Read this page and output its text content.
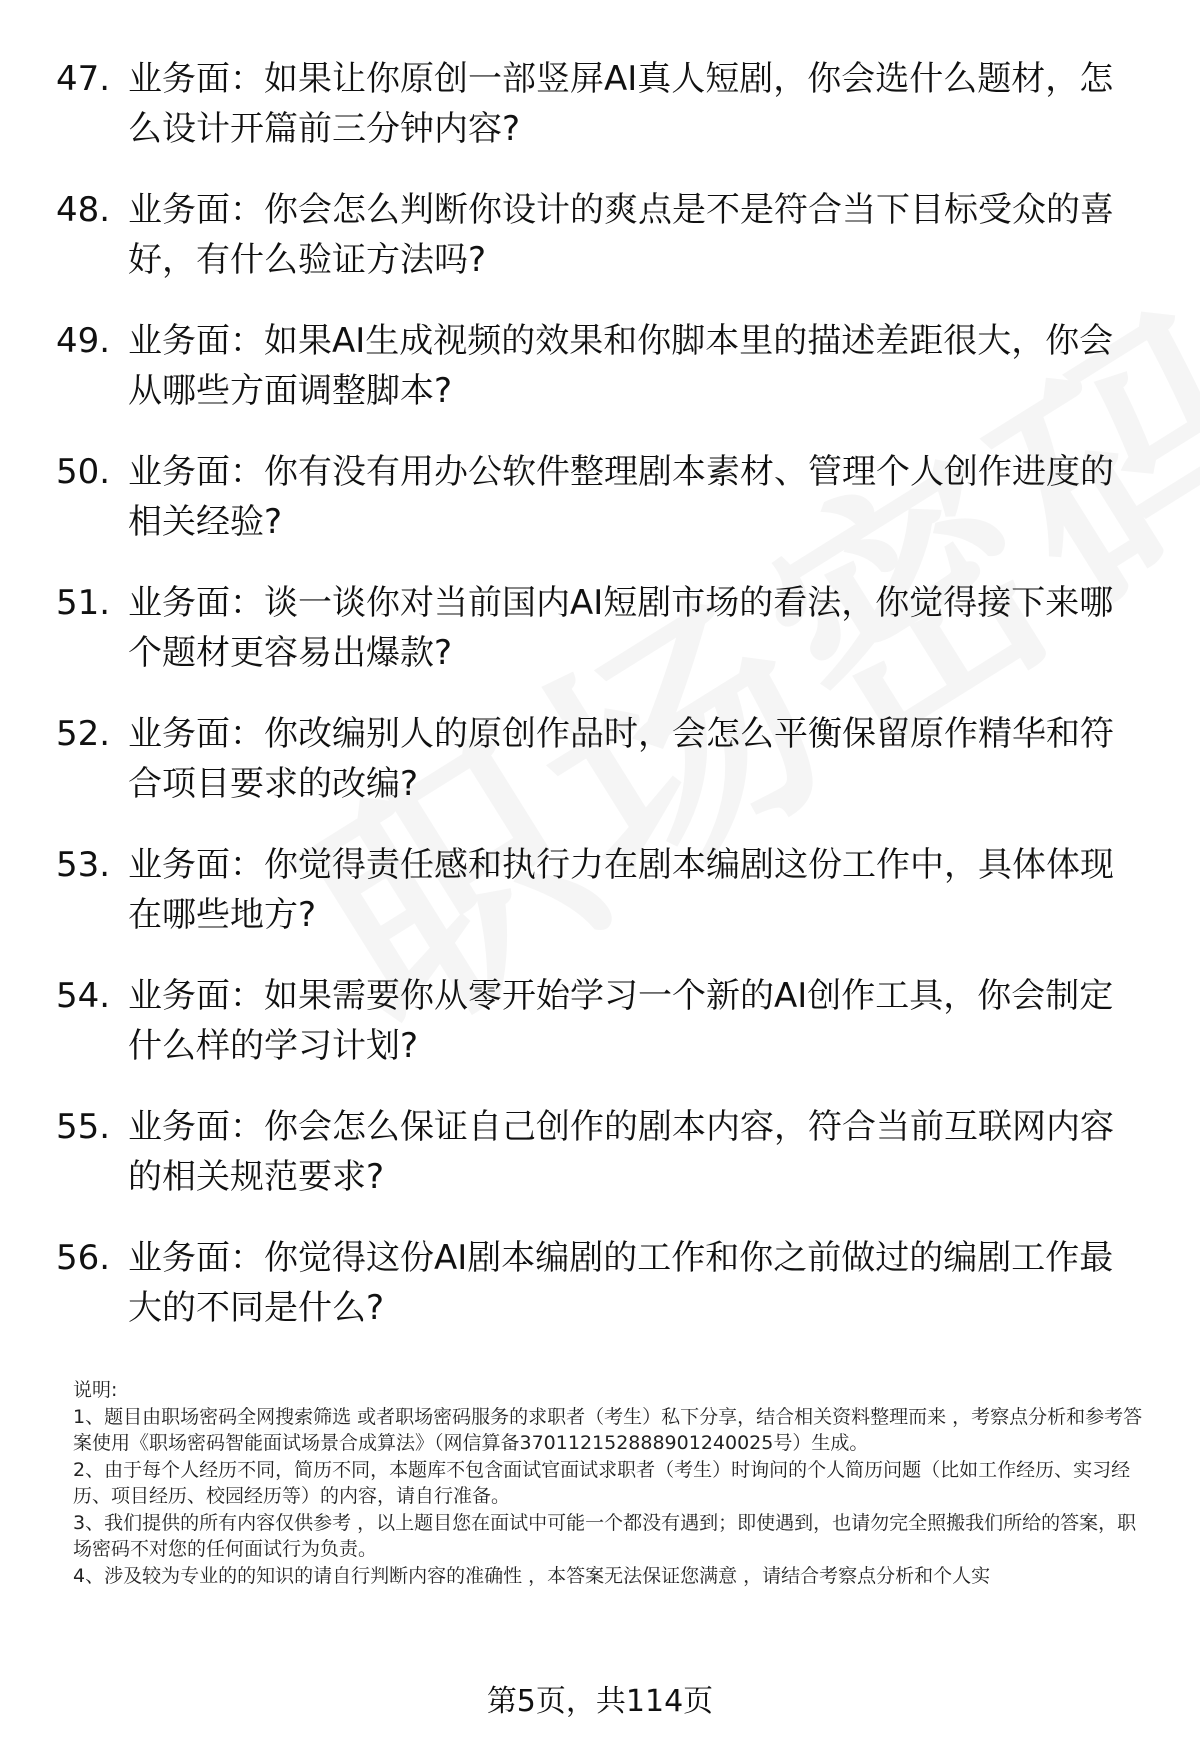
47. 业务面：如果让你原创一部竖屏AI真人短剧，你会选什么题材，怎么设计开篇前三分钟内容?
48. 业务面：你会怎么判断你设计的爽点是不是符合当下目标受众的喜好，有什么验证方法吗?
49. 业务面：如果AI生成视频的效果和你脚本里的描述差距很大，你会从哪些方面调整脚本?
50. 业务面：你有没有用办公软件整理剧本素材、管理个人创作进度的相关经验?
51. 业务面：谈一谈你对当前国内AI短剧市场的看法，你觉得接下来哪个题材更容易出爆款?
52. 业务面：你改编别人的原创作品时，会怎么平衡保留原作精华和符合项目要求的改编?
53. 业务面：你觉得责任感和执行力在剧本编剧这份工作中，具体体现在哪些地方?
54. 业务面：如果需要你从零开始学习一个新的AI创作工具，你会制定什么样的学习计划?
55. 业务面：你会怎么保证自己创作的剧本内容，符合当前互联网内容的相关规范要求?
56. 业务面：你觉得这份AI剧本编剧的工作和你之前做过的编剧工作最大的不同是什么?

说明:

1、题目由职场密码全网搜索筛选 或者职场密码服务的求职者（考生）私下分享，结合相关资料整理而来 ，考察点分析和参考答案使用《职场密码智能面试场景合成算法》（网信算备370112152888901240025号）生成。

2、由于每个人经历不同，简历不同，本题库不包含面试官面试求职者（考生）时询问的个人简历问题（比如工作经历、实习经历、项目经历、校园经历等）的内容，请自行准备。

3、我们提供的所有内容仅供参考 ，以上题目您在面试中可能一个都没有遇到；即使遇到，也请勿完全照搬我们所给的答案，职场密码不对您的任何面试行为负责。

4、涉及较为专业的的知识的请自行判断内容的准确性 ，本答案无法保证您满意 ，请结合考察点分析和个人实

第5页，共114页
